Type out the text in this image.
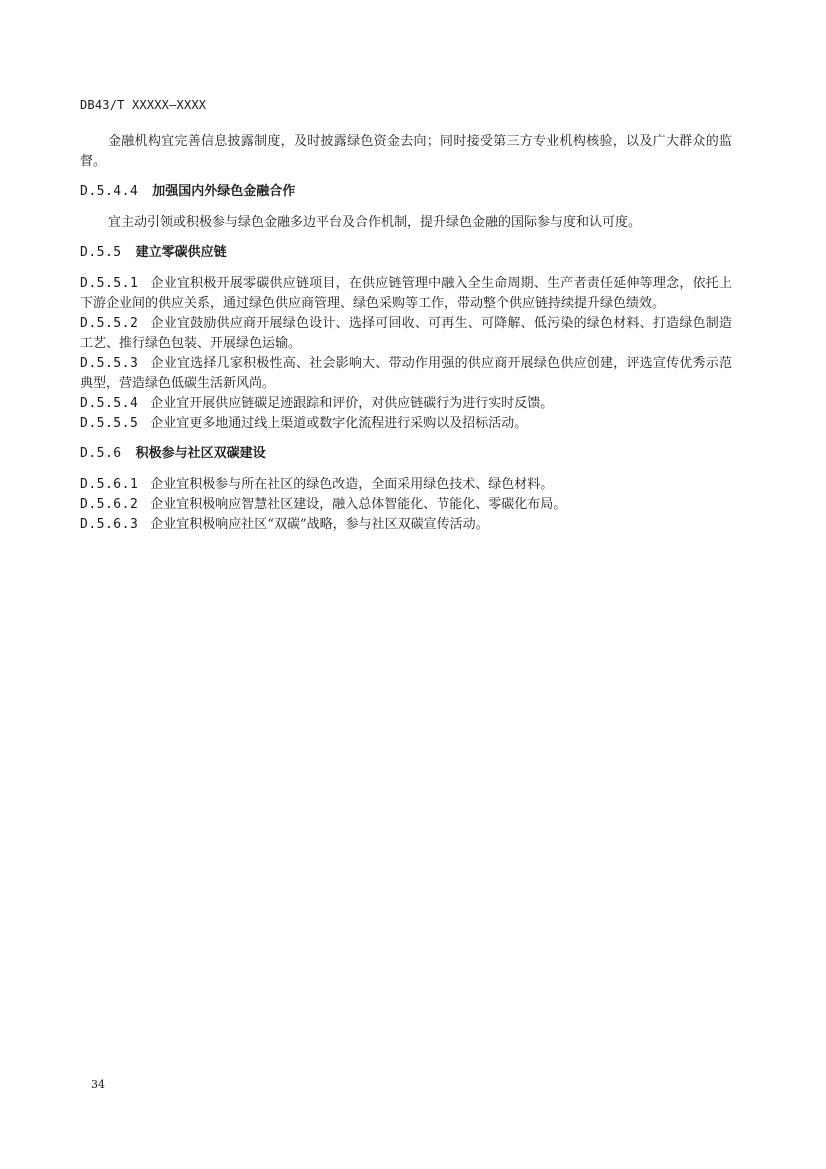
DB43/T XXXXX—XXXX

金融机构宜完善信息披露制度，及时披露绿色资金去向；同时接受第三方专业机构核验，以及广大群众的监督。

D.5.4.4 加强国内外绿色金融合作

宜主动引领或积极参与绿色金融多边平台及合作机制，提升绿色金融的国际参与度和认可度。

D.5.5 建立零碳供应链

D.5.5.1 企业宜积极开展零碳供应链项目，在供应链管理中融入全生命周期、生产者责任延伸等理念，依托上下游企业间的供应关系，通过绿色供应商管理、绿色采购等工作，带动整个供应链持续提升绿色绩效。

D.5.5.2 企业宜鼓励供应商开展绿色设计、选择可回收、可再生、可降解、低污染的绿色材料、打造绿色制造工艺、推行绿色包装、开展绿色运输。

D.5.5.3 企业宜选择几家积极性高、社会影响大、带动作用强的供应商开展绿色供应创建，评选宣传优秀示范典型，营造绿色低碳生活新风尚。

D.5.5.4 企业宜开展供应链碳足迹跟踪和评价，对供应链碳行为进行实时反馈。

D.5.5.5 企业宜更多地通过线上渠道或数字化流程进行采购以及招标活动。

D.5.6 积极参与社区双碳建设

D.5.6.1 企业宜积极参与所在社区的绿色改造，全面采用绿色技术、绿色材料。

D.5.6.2 企业宜积极响应智慧社区建设，融入总体智能化、节能化、零碳化布局。

D.5.6.3 企业宜积极响应社区“双碳”战略，参与社区双碳宣传活动。

34
